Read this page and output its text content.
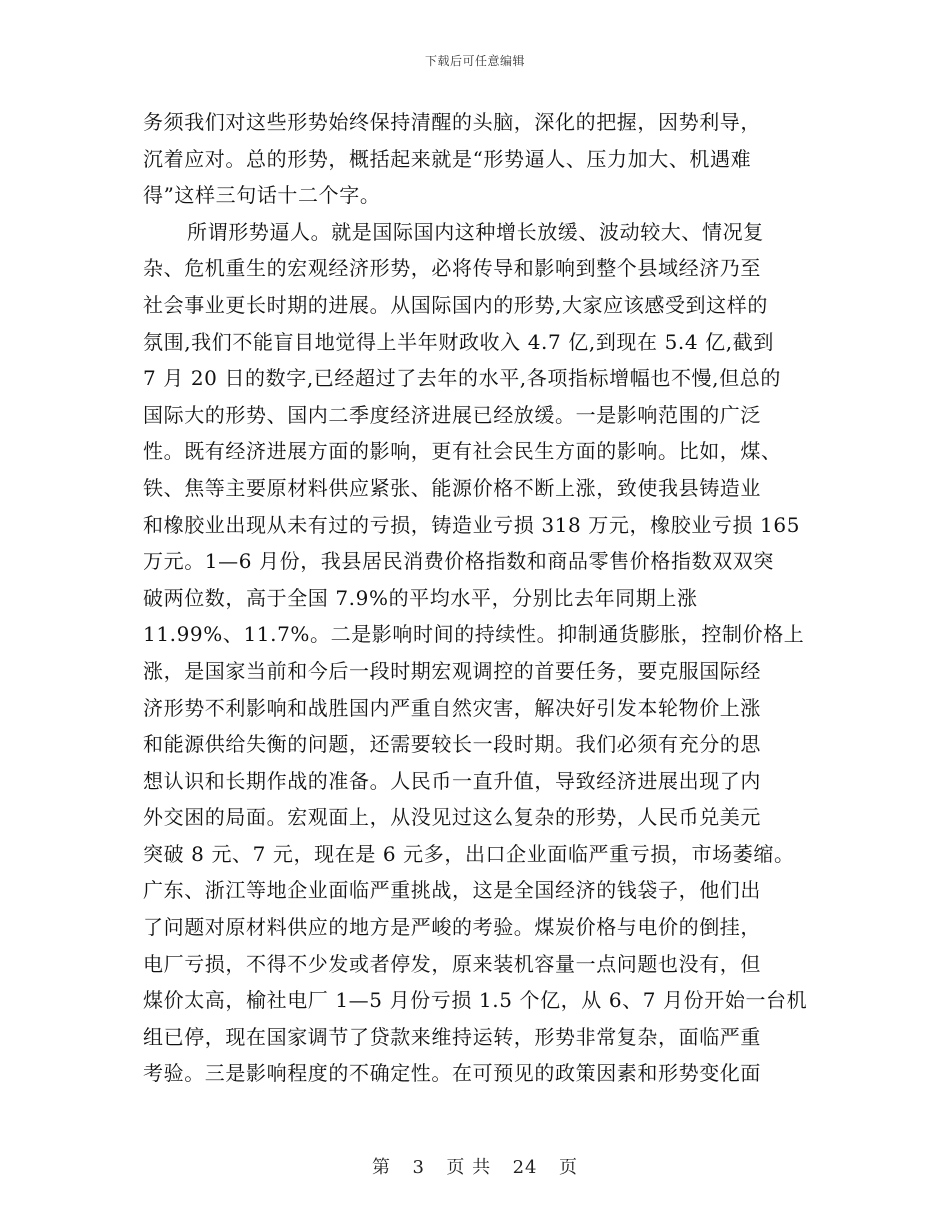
下载后可任意编辑
务须我们对这些形势始终保持清醒的头脑，深化的把握，因势利导，
沉着应对。总的形势，概括起来就是“形势逼人、压力加大、机遇难
得”这样三句话十二个字。
所谓形势逼人。就是国际国内这种增长放缓、波动较大、情况复
杂、危机重生的宏观经济形势，必将传导和影响到整个县域经济乃至
社会事业更长时期的进展。从国际国内的形势,大家应该感受到这样的
氛围,我们不能盲目地觉得上半年财政收入 4.7 亿,到现在 5.4 亿,截到
7 月 20 日的数字,已经超过了去年的水平,各项指标增幅也不慢,但总的
国际大的形势、国内二季度经济进展已经放缓。一是影响范围的广泛
性。既有经济进展方面的影响，更有社会民生方面的影响。比如，煤、
铁、焦等主要原材料供应紧张、能源价格不断上涨，致使我县铸造业
和橡胶业出现从未有过的亏损，铸造业亏损 318 万元，橡胶业亏损 165
万元。1—6 月份，我县居民消费价格指数和商品零售价格指数双双突
破两位数，高于全国 7.9%的平均水平，分别比去年同期上涨
11.99%、11.7%。二是影响时间的持续性。抑制通货膨胀，控制价格上
涨，是国家当前和今后一段时期宏观调控的首要任务，要克服国际经
济形势不利影响和战胜国内严重自然灾害，解决好引发本轮物价上涨
和能源供给失衡的问题，还需要较长一段时期。我们必须有充分的思
想认识和长期作战的准备。人民币一直升值，导致经济进展出现了内
外交困的局面。宏观面上，从没见过这么复杂的形势，人民币兑美元
突破 8 元、7 元，现在是 6 元多，出口企业面临严重亏损，市场萎缩。
广东、浙江等地企业面临严重挑战，这是全国经济的钱袋子，他们出
了问题对原材料供应的地方是严峻的考验。煤炭价格与电价的倒挂，
电厂亏损，不得不少发或者停发，原来装机容量一点问题也没有，但
煤价太高，榆社电厂 1—5 月份亏损 1.5 个亿，从 6、7 月份开始一台机
组已停，现在国家调节了贷款来维持运转，形势非常复杂，面临严重
考验。三是影响程度的不确定性。在可预见的政策因素和形势变化面
第 3 页 共 24 页
